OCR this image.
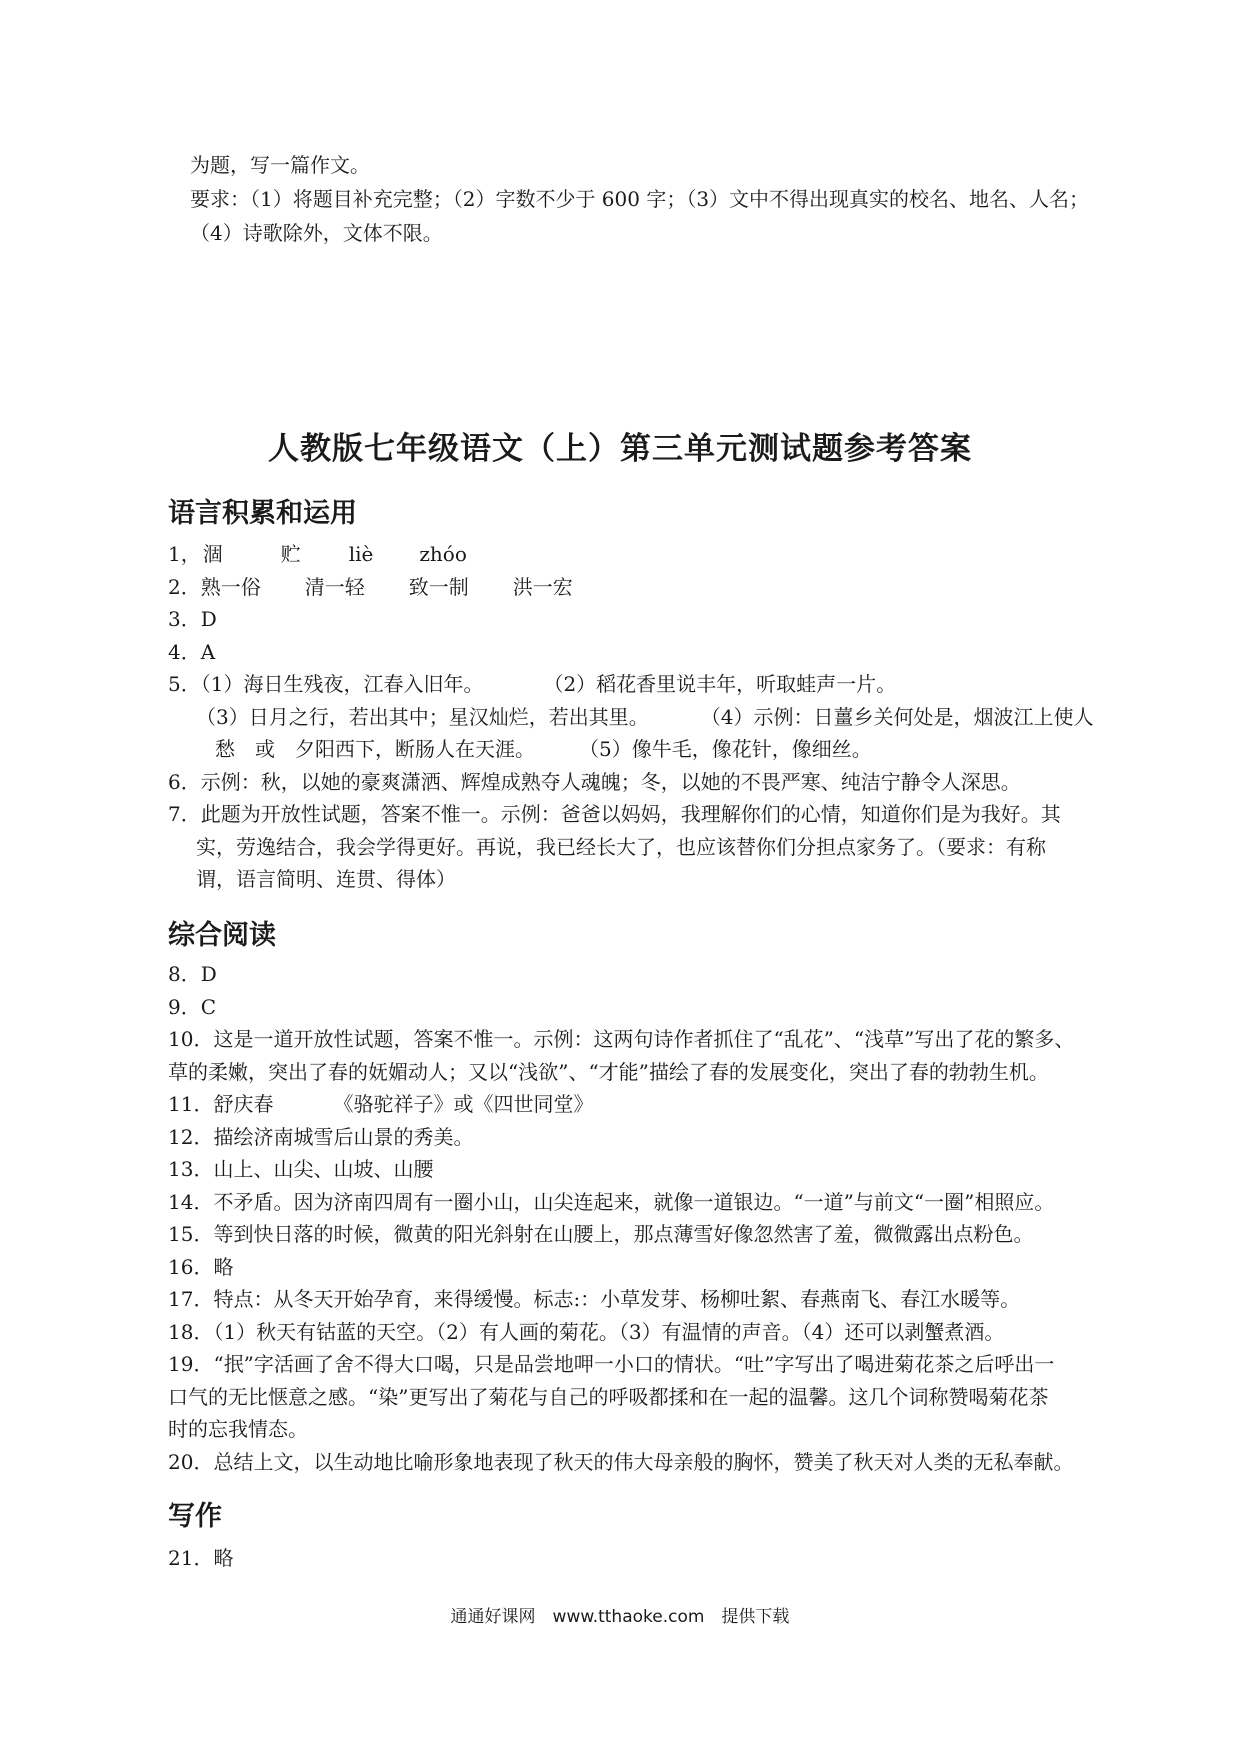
为题，写一篇作文。
要求：（1）将题目补充完整；（2）字数不少于 600 字；（3）文中不得出现真实的校名、地名、人名；
（4）诗歌除外，文体不限。
人教版七年级语文（上）第三单元测试题参考答案
语言积累和运用
1， 涸	贮 liè zhóo
2．熟一俗 清一轻 致一制 洪一宏
3．D
4．A
5．（1）海日生残夜，江春入旧年。	（2）稻花香里说丰年，听取蛙声一片。
（3）日月之行，若出其中；星汉灿烂，若出其里。	（4）示例：日薑乡关何处是，烟波江上使人
愁　或　夕阳西下，断肠人在天涯。 （5）像牛毛，像花针，像细丝。
6．示例：秋，以她的豪爽潇洒、辉煌成熟夺人魂魄；冬，以她的不畏严寒、纯洁宁静令人深思。
7．此题为开放性试题，答案不惟一。示例：爸爸以妈妈，我理解你们的心情，知道你们是为我好。其
实，劳逸结合，我会学得更好。再说，我已经长大了，也应该替你们分担点家务了。（要求：有称
谓，语言简明、连贯、得体）
综合阅读
8．D
9．C
10．这是一道开放性试题，答案不惟一。示例：这两句诗作者抓住了“乱花”、“浅草”写出了花的繁多、
草的柔嫩，突出了春的妩媚动人；又以“浅欲”、“才能”描绘了春的发展变化，突出了春的勃勃生机。
11．舒庆春	《骆驼祥子》或《四世同堂》
12．描绘济南城雪后山景的秀美。
13．山上、山尖、山坡、山腰
14．不矛盾。因为济南四周有一圈小山，山尖连起来，就像一道银边。“一道”与前文“一圈”相照应。
15．等到快日落的时候，微黄的阳光斜射在山腰上，那点薄雪好像忽然害了羞，微微露出点粉色。
16．略
17．特点：从冬天开始孕育，来得缓慢。标志:：小草发芽、杨柳吐絮、春燕南飞、春江水暖等。
18．（1）秋天有钴蓝的天空。（2）有人画的菊花。（3）有温情的声音。（4）还可以剥蟹煮酒。
19．“抿”字活画了舍不得大口喝，只是品尝地呷一小口的情状。“吐”字写出了喝进菊花茶之后呼出一
口气的无比惬意之感。“染”更写出了菊花与自己的呼吸都揉和在一起的温馨。这几个词称赞喝菊花茶
时的忘我情态。
20．总结上文，以生动地比喻形象地表现了秋天的伟大母亲般的胸怀，赞美了秋天对人类的无私奉献。
写作
21．略
通通好课网　www.tthaoke.com　提供下载
